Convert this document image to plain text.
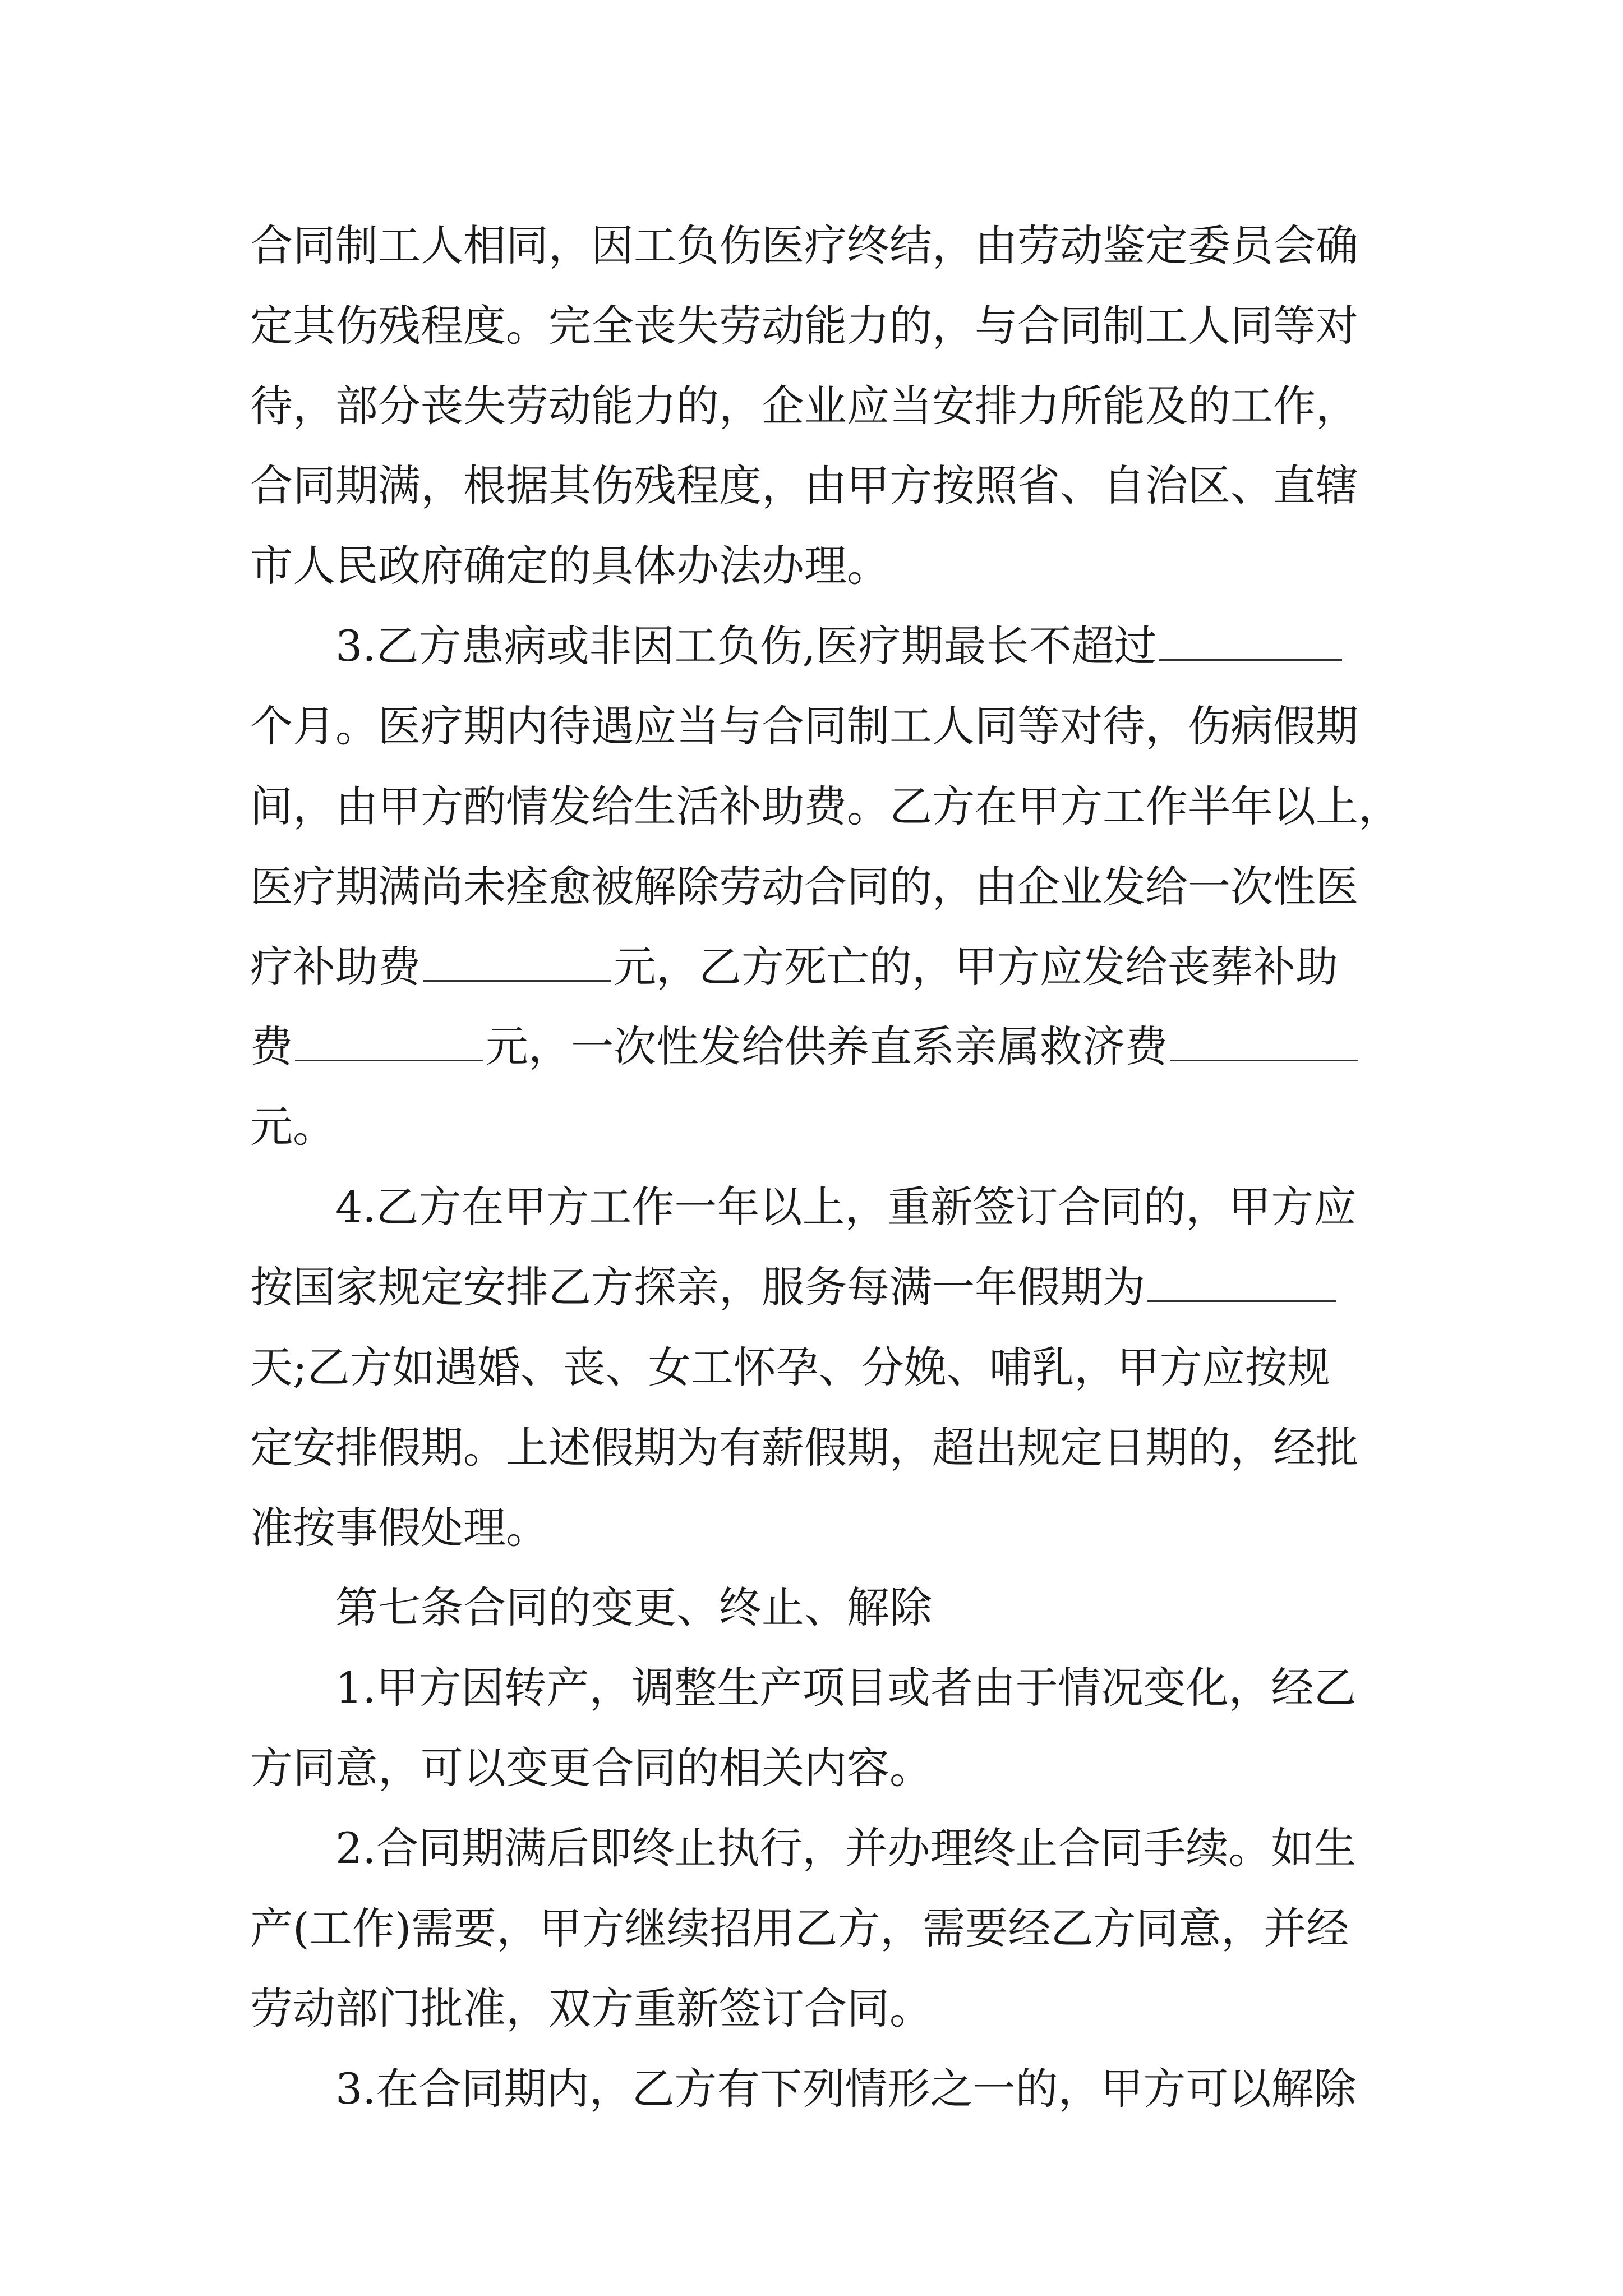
合同制工人相同，因工负伤医疗终结，由劳动鉴定委员会确
定其伤残程度。完全丧失劳动能力的，与合同制工人同等对
待，部分丧失劳动能力的，企业应当安排力所能及的工作，
合同期满，根据其伤残程度，由甲方按照省、自治区、直辖
市人民政府确定的具体办法办理。
3.乙方患病或非因工负伤,医疗期最长不超过
个月。医疗期内待遇应当与合同制工人同等对待，伤病假期
间，由甲方酌情发给生活补助费。乙方在甲方工作半年以上，
医疗期满尚未痊愈被解除劳动合同的，由企业发给一次性医
疗补助费	元，乙方死亡的，甲方应发给丧葬补助
费	元，一次性发给供养直系亲属救济费
元。
4.乙方在甲方工作一年以上，重新签订合同的，甲方应
按国家规定安排乙方探亲，服务每满一年假期为
天;乙方如遇婚、丧、女工怀孕、分娩、哺乳，甲方应按规
定安排假期。上述假期为有薪假期，超出规定日期的，经批
准按事假处理。
第七条合同的变更、终止、解除
1.甲方因转产，调整生产项目或者由于情况变化，经乙
方同意，可以变更合同的相关内容。
2.合同期满后即终止执行，并办理终止合同手续。如生
产(工作)需要，甲方继续招用乙方，需要经乙方同意，并经
劳动部门批准，双方重新签订合同。
3.在合同期内，乙方有下列情形之一的，甲方可以解除
